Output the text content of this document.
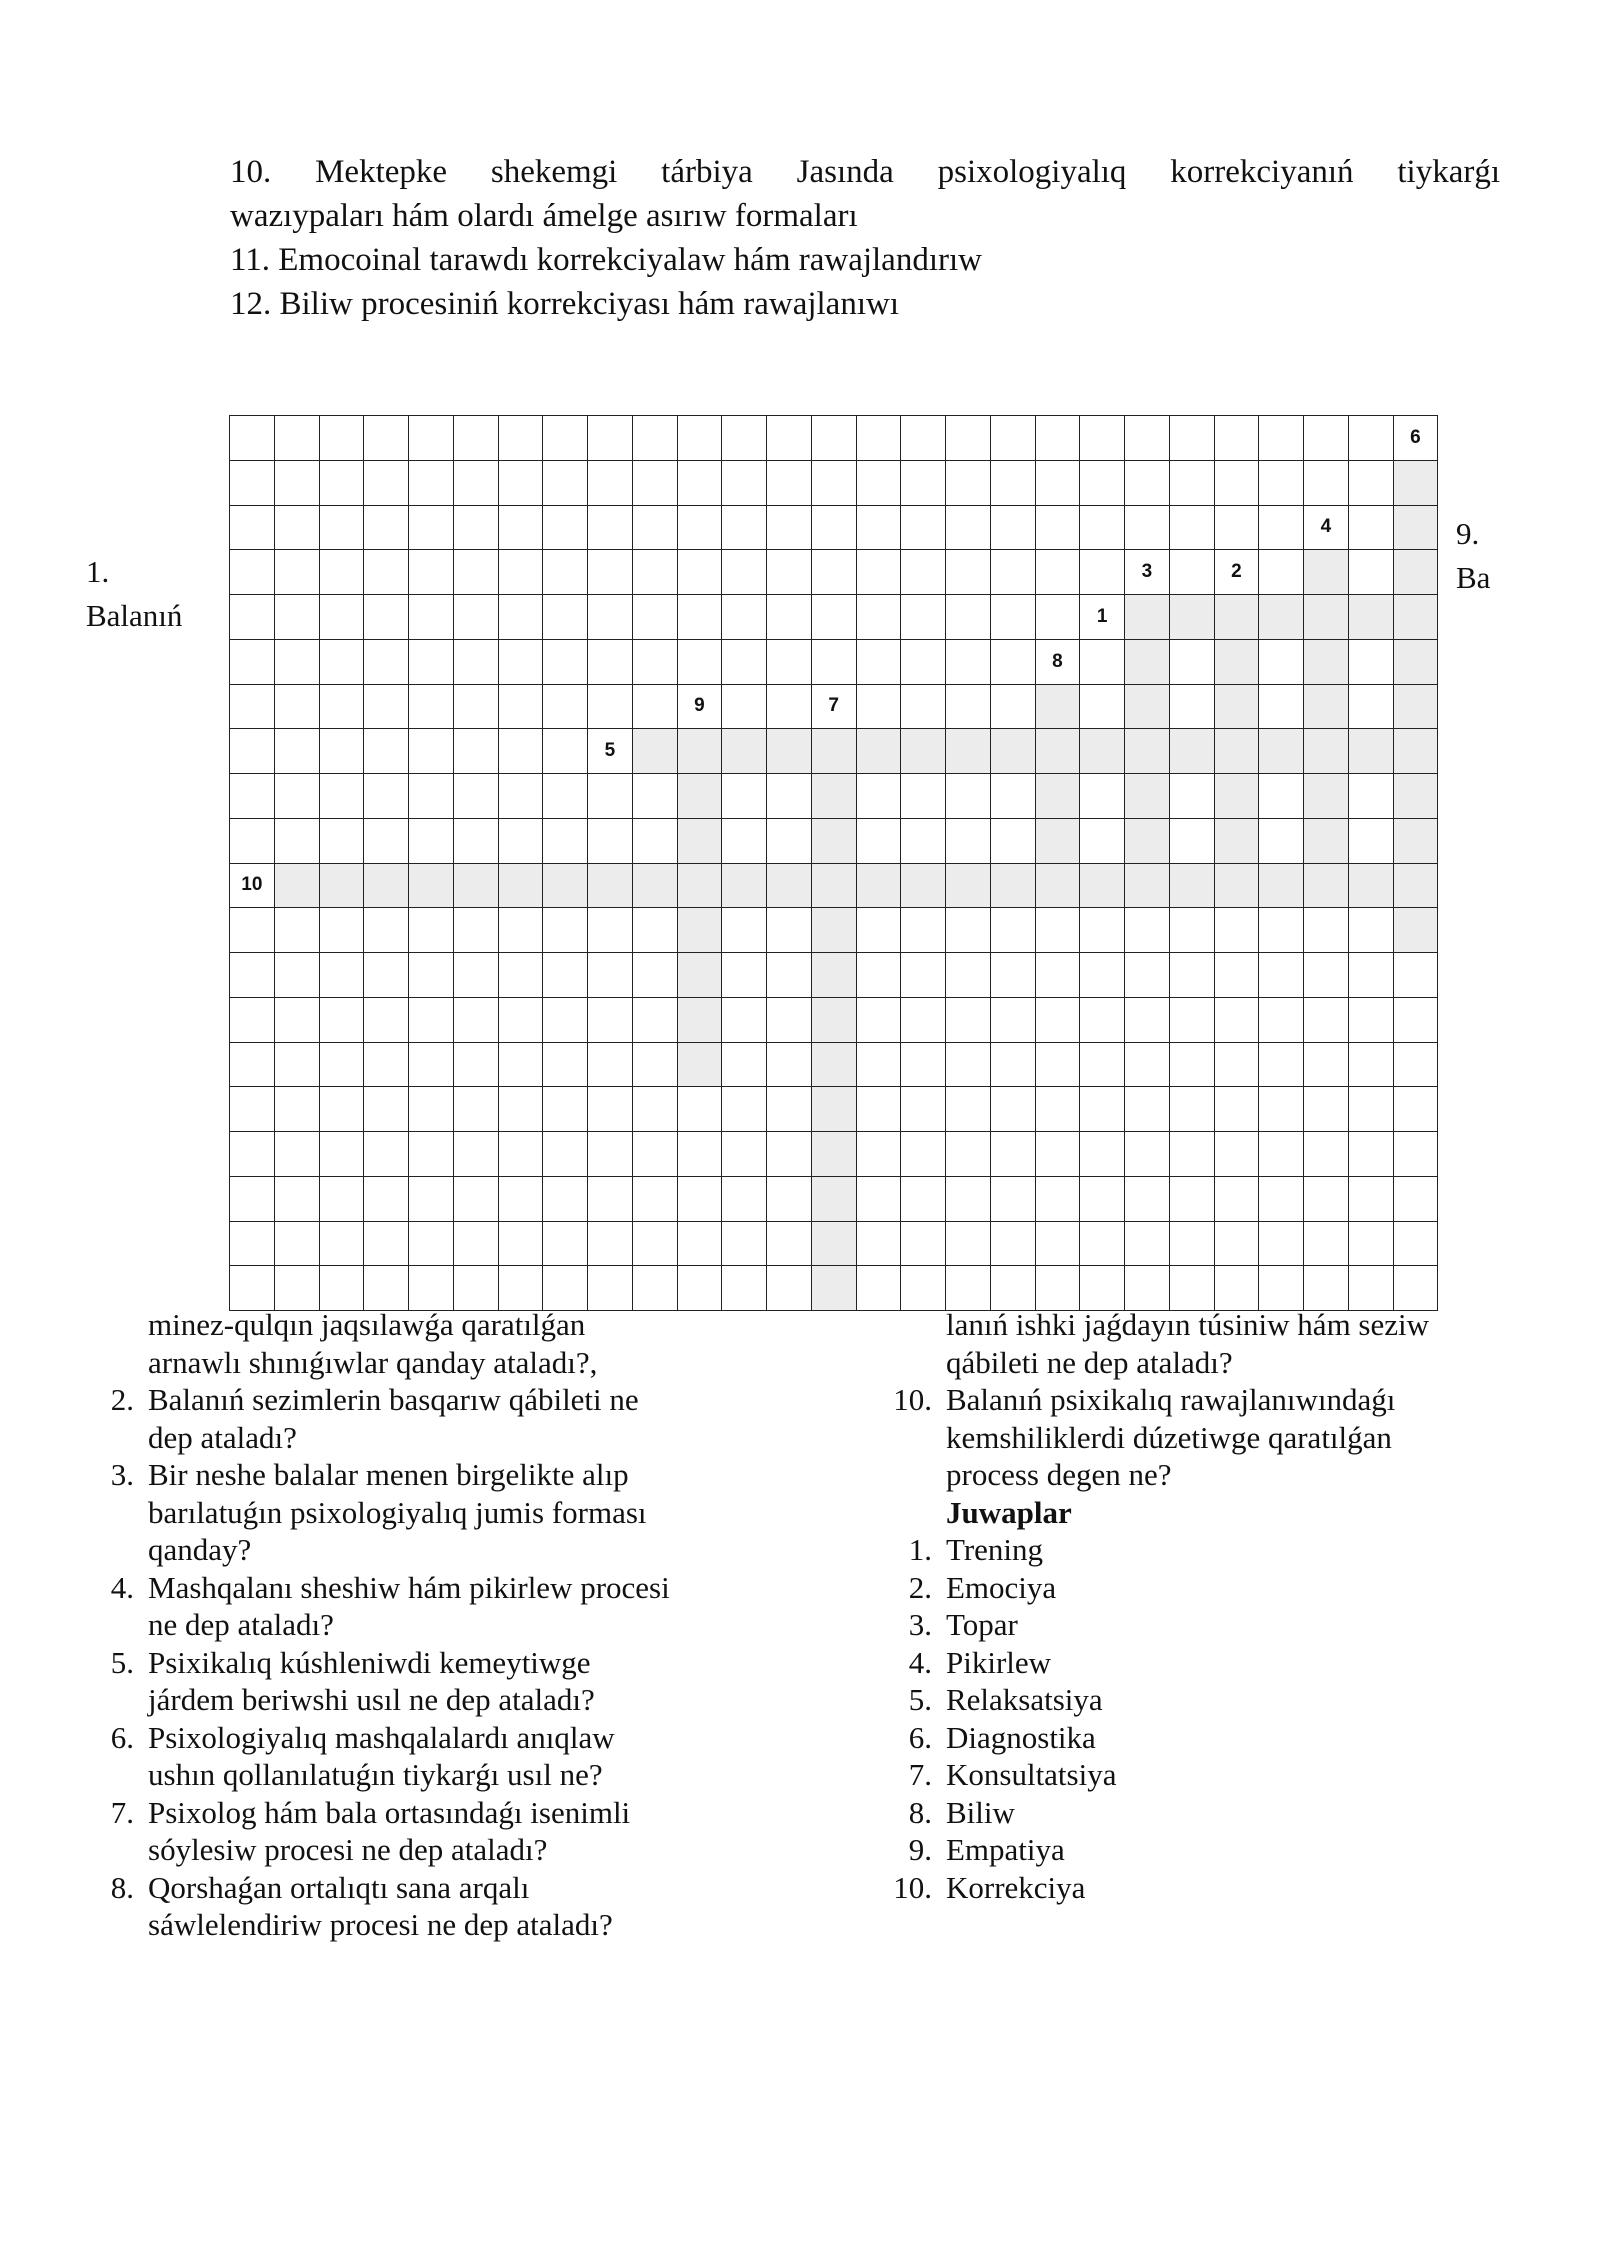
10. Mektepke shekemgi tárbiya Jasında psixologiyalıq korrekciyanıń tiykarǵı
wazıypaları hám olardı ámelge asırıw formaları
11. Emocoinal tarawdı korrekciyalaw hám rawajlandırıw
12. Biliw procesiniń korrekciyası hám rawajlanıwı
1.
Balanıń
9.
Ba
6
4
3	2
1
8
9	7
5
10
minez-qulqın jaqsılawǵa qaratılǵan
arnawlı shınıǵıwlar qanday ataladı?,
2. Balanıń sezimlerin basqarıw qábileti ne
dep ataladı?
3. Bir neshe balalar menen birgelikte alıp
barılatuǵın psixologiyalıq jumis forması
qanday?
4. Mashqalanı sheshiw hám pikirlew procesi
ne dep ataladı?
5. Psixikalıq kúshleniwdi kemeytiwge
járdem beriwshi usıl ne dep ataladı?
6. Psixologiyalıq mashqalalardı anıqlaw
ushın qollanılatuǵın tiykarǵı usıl ne?
7. Psixolog hám bala ortasındaǵı isenimli
sóylesiw procesi ne dep ataladı?
8. Qorshaǵan ortalıqtı sana arqalı
sáwlelendiriw procesi ne dep ataladı?
lanıń ishki jaǵdayın túsiniw hám seziw
qábileti ne dep ataladı?
10. Balanıń psixikalıq rawajlanıwındaǵı
kemshiliklerdi dúzetiwge qaratılǵan
process degen ne?
Juwaplar
1. Trening
2. Emociya
3. Topar
4. Pikirlew
5. Relaksatsiya
6. Diagnostika
7. Konsultatsiya
8. Biliw
9. Empatiya
10. Korrekciya
